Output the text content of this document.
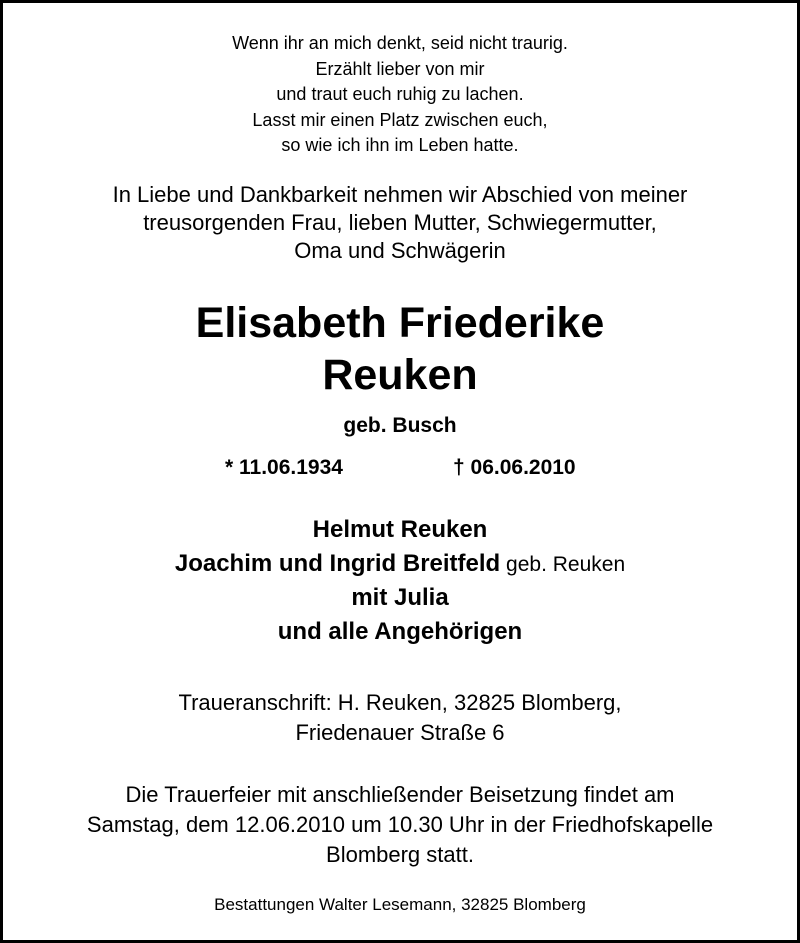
Wenn ihr an mich denkt, seid nicht traurig.
Erzählt lieber von mir
und traut euch ruhig zu lachen.
Lasst mir einen Platz zwischen euch,
so wie ich ihn im Leben hatte.
In Liebe und Dankbarkeit nehmen wir Abschied von meiner
treusorgenden Frau, lieben Mutter, Schwiegermutter,
Oma und Schwägerin
Elisabeth Friederike
Reuken
geb. Busch
* 11.06.1934	† 06.06.2010
Helmut Reuken
Joachim und Ingrid Breitfeld geb. Reuken
mit Julia
und alle Angehörigen
Traueranschrift: H. Reuken, 32825 Blomberg,
Friedenauer Straße 6
Die Trauerfeier mit anschließender Beisetzung findet am
Samstag, dem 12.06.2010 um 10.30 Uhr in der Friedhofskapelle
Blomberg statt.
Bestattungen Walter Lesemann, 32825 Blomberg
